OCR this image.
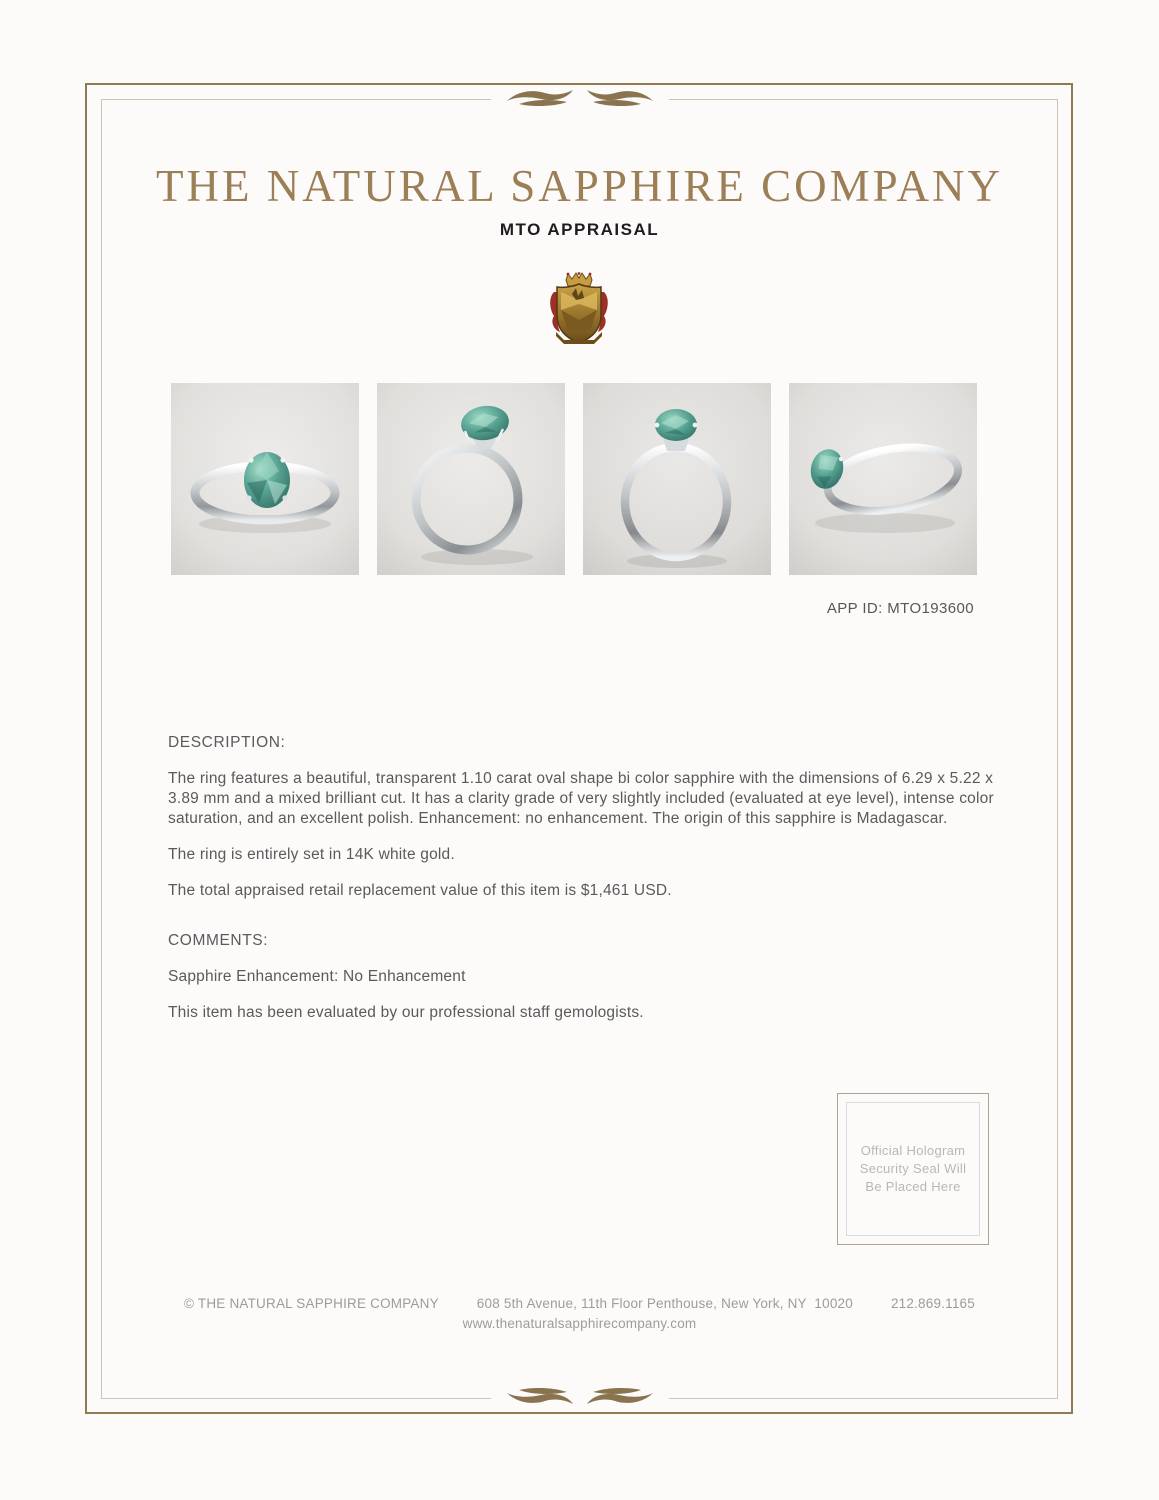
THE NATURAL SAPPHIRE COMPANY
MTO APPRAISAL
APP ID: MTO193600
DESCRIPTION:

The ring features a beautiful, transparent 1.10 carat oval shape bi color sapphire with the dimensions of 6.29 x 5.22 x 3.89 mm and a mixed brilliant cut. It has a clarity grade of very slightly included (evaluated at eye level), intense color saturation, and an excellent polish. Enhancement: no enhancement. The origin of this sapphire is Madagascar.

The ring is entirely set in 14K white gold.

The total appraised retail replacement value of this item is $1,461 USD.

COMMENTS:

Sapphire Enhancement: No Enhancement

This item has been evaluated by our professional staff gemologists.

Official Hologram
Security Seal Will
Be Placed Here
© THE NATURAL SAPPHIRE COMPANY	608 5th Avenue, 11th Floor Penthouse, New York, NY  10020	212.869.1165
www.thenaturalsapphirecompany.com
